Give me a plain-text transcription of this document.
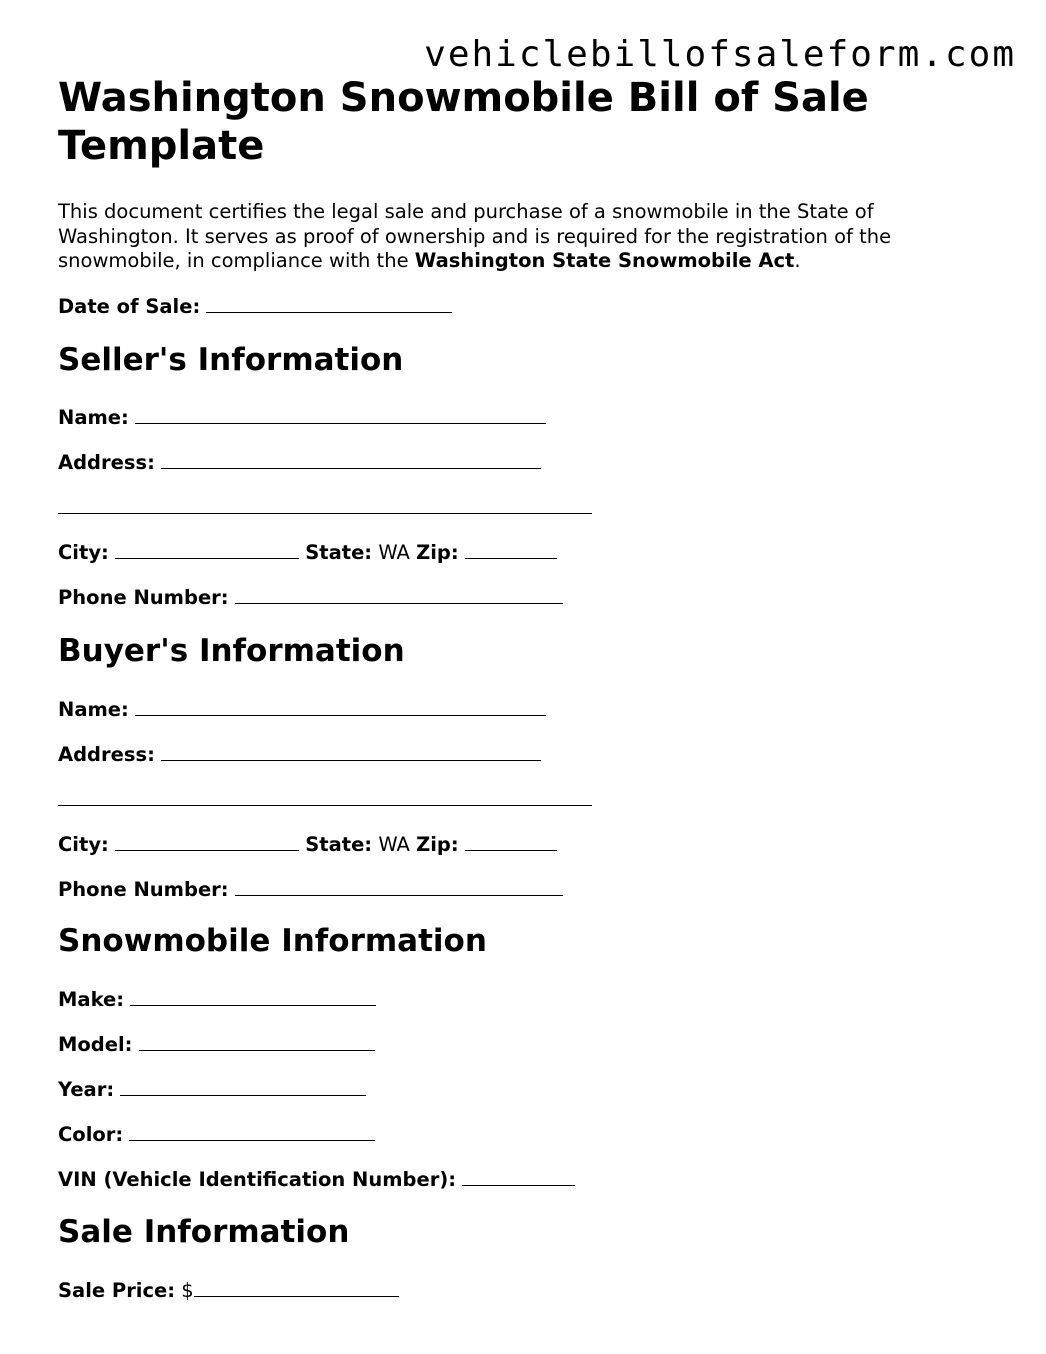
vehiclebillofsaleform.com
Washington Snowmobile Bill of Sale Template

This document certifies the legal sale and purchase of a snowmobile in the State of Washington. It serves as proof of ownership and is required for the registration of the snowmobile, in compliance with the Washington State Snowmobile Act.

Date of Sale:
Seller's Information
Name:
Address:
City:	State: WA Zip:
Phone Number:
Buyer's Information
Name:
Address:
City:	State: WA Zip:
Phone Number:
Snowmobile Information
Make:
Model:
Year:
Color:
VIN (Vehicle Identification Number):
Sale Information
Sale Price: $
